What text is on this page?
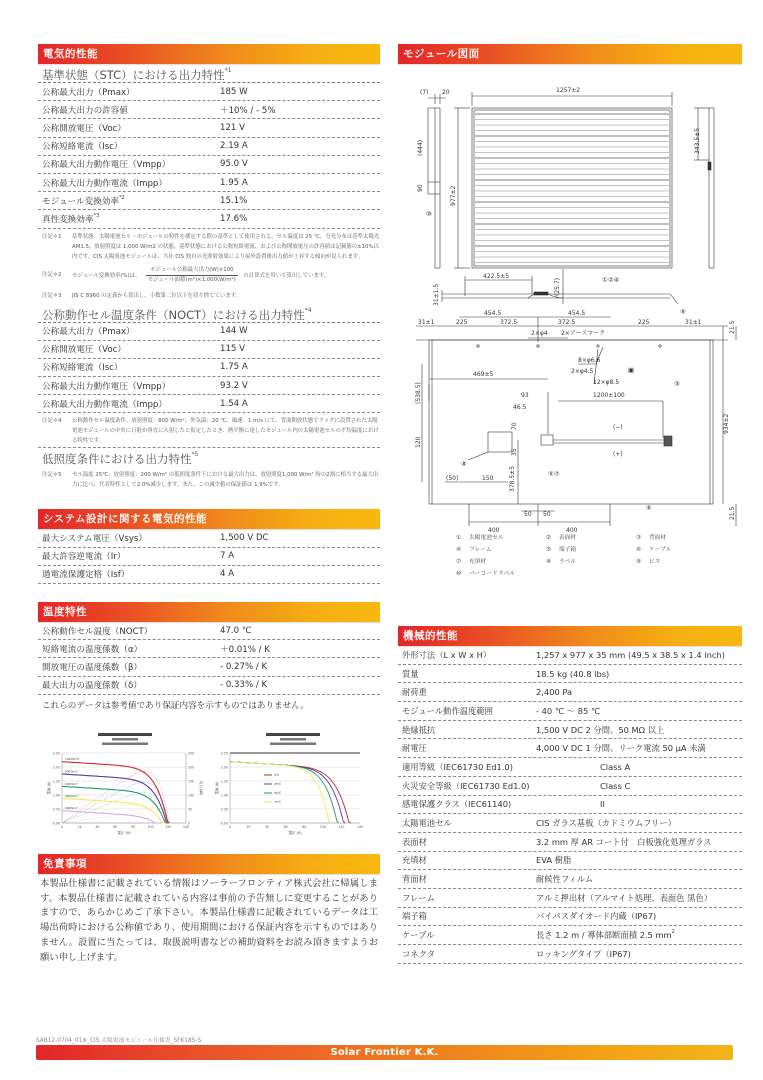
電気的性能
基準状態（STC）における出力特性$^{*1}$
公称最大出力（Pmax）	185 W
公称最大出力の許容値	＋10% / - 5%
公称開放電圧（Voc）	121 V
公称短絡電流（Isc）	2.19 A
公称最大出力動作電圧（Vmpp）	95.0 V
公称最大出力動作電流（Impp）	1.95 A
モジュール変換効率$^{*2}$	15.1%
真性変換効率$^{*3}$	17.6%
注記＊1	基準状態：太陽電池セル・モジュールの特性を測定する際の基準として使用される。セル温度は 25 ℃、分光分布は基準太陽光 AM1.5、放射照度は 1,000 W/m2 の状態。基準状態における公称短絡電流、および公称開放電圧の許容値は記載値の±10%以内です。CIS 太陽電池モジュールは、当社 CIS 独自の光照射効果により屋外設置後出力値が上昇する傾向が見られます。
注記＊2	モジュール変換効率(%)は、 $\frac{\text{モジュール公称最大出力(W)×100}}{\text{モジュール面積(m²)×1,000(W/m²)}}$ の計算式を用いて算出しています。
注記＊3	JIS C 8960 の定義から算出し、小数第二位以下を切り捨てています。
公称動作セル温度条件（NOCT）における出力特性$^{*4}$
公称最大出力（Pmax）	144 W
公称開放電圧（Voc）	115 V
公称短絡電流（Isc）	1.75 A
公称最大出力動作電圧（Vmpp）	93.2 V
公称最大出力動作電流（Impp）	1.54 A
注記＊4	公称動作セル温度条件、放射照度：800 W/m²、外気温：20 ℃、風速：1 m/s にて、背面開放状態でラックに設置された太陽電池モジュールの中央に日射が垂直に入射したと仮定したとき、熱平衡に達したモジュール内の太陽電池セルの平均温度における特性です。
低照度条件における出力特性$^{*5}$
注記＊5	セル温度 25℃、放射照度：200 W/m² の低照度条件下における最大出力は、放射照度1,000 W/m² 時の2割に相当する最大出力に比べ、代表特性として2.0%減少します。また、この減少値の保証値は 1.9%です。
システム設計に関する電気的性能
最大システム電圧（Vsys）	1,500 V DC
最大許容逆電流（Ir）	7 A
過電流保護定格（Isf）	4 A
温度特性
公称動作セル温度（NOCT）	47.0 ℃
短絡電流の温度係数（α）	＋0.01% / K
開放電圧の温度係数（β）	- 0.27% / K
最大出力の温度係数（δ）	- 0.33% / K
これらのデータは参考値であり保証内容を示すものではありません。
0.00
0.50
1.00
1.50
2.00
2.50
0	20	40	60	80	100	120	140
電圧 (V)
電流 (A)
0
50
100
150
200
250
出力 (W)
1000W/m²
800W/m²
600W/m²
400W/m²
200W/m²
0.00
0.50
1.00
1.50
2.00
2.50
0	20	40	60	80	100	120	140
電圧 (V)
電流 (A)
0℃
25℃
50℃
75℃
免責事項
本製品仕様書に記載されている情報はソーラーフロンティア株式会社に帰属します。本製品仕様書に記載されている内容は事前の予告無しに変更することがありますので、あらかじめご了承下さい。本製品仕様書に記載されているデータは工場出荷時における公称値であり、使用期間における保証内容を示すものではありません。設置に当たっては、取扱説明書などの補助資料をお読み頂きますようお願い申し上げます。
モジュール図面
(7) 20	1257±2
(444)
90	977±2
343.5±5
422.5±5
(25.7)
31±1.5
454.5	454.5
372.5	372.5
225	225
31±1	31±1
2×φ4 2×アースマーク
8×φ6.6
2×φ4.5
12×φ8.5
469±5
93
46.5
1200±100
(538.5)
120
70
35
378.5±5
(50)	150
50 50
400	400
934±2
21.5
21.5
(−)
(+)
①②④
⑨
⑩
③
⑧
⑤⑦
⑥
▣
①　 太陽電池セル	②　 表面材	③　 背面材
④　 フレーム	⑤　 端子箱	⑥　 ケーブル
⑦　 充填材	⑧　 ラベル	⑨　 ビス
⑩　 バーコードラベル
機械的性能
外形寸法（L x W x H）	1,257 x 977 x 35 mm (49.5 x 38.5 x 1.4 inch)
質量	18.5 kg (40.8 lbs)
耐荷重	2,400 Pa
モジュール動作温度範囲	- 40 ℃ ～ 85 ℃
絶縁抵抗	1,500 V DC 2 分間、50 MΩ 以上
耐電圧	4,000 V DC 1 分間、リーク電流 50 μA 未満
適用等級（IEC61730 Ed1.0)	Class A
火災安全等級（IEC61730 Ed1.0)	Class C
感電保護クラス（IEC61140)	II
太陽電池セル	CIS ガラス基板（カドミウムフリー）
表面材	3.2 mm 厚 AR コート付　白板強化処理ガラス
充填材	EVA 樹脂
背面材	耐候性フィルム
フレーム	アルミ押出材（アルマイト処理、表面色 黒色）
端子箱	バイパスダイオード内蔵（IP67)
ケーブル	長さ 1.2 m / 導体部断面積 2.5 $mm^2$
コネクタ	ロッキングタイプ（IP67)
SAB12-0704_01※_CIS 太陽電池モジュール仕様書_SFK185-S
Solar Frontier K.K.
